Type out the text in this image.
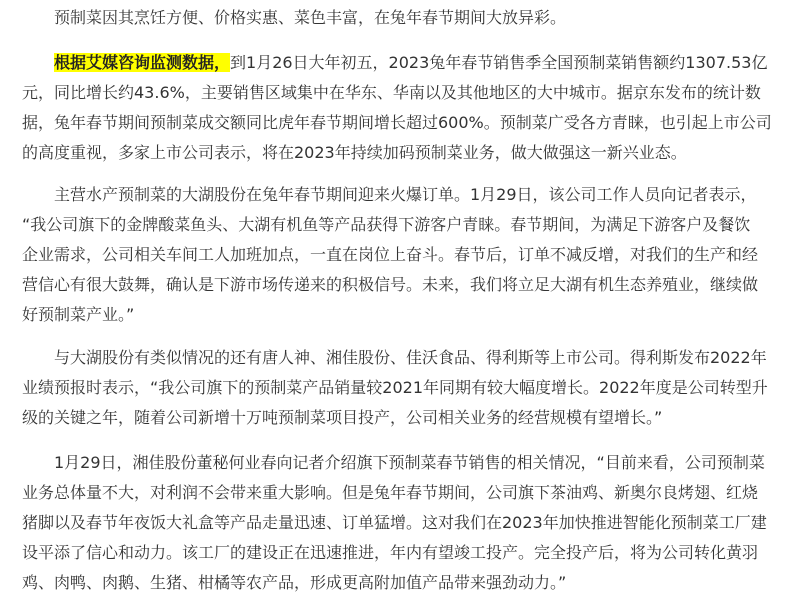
　　预制菜因其烹饪方便、价格实惠、菜色丰富，在兔年春节期间大放异彩。
根据艾媒咨询监测数据，到1月26日大年初五，2023兔年春节销售季全国预制菜销售额约1307.53亿
元，同比增长约43.6%，主要销售区域集中在华东、华南以及其他地区的大中城市。据京东发布的统计数
据，兔年春节期间预制菜成交额同比虎年春节期间增长超过600%。预制菜广受各方青睐，也引起上市公司
的高度重视，多家上市公司表示，将在2023年持续加码预制菜业务，做大做强这一新兴业态。
　　主营水产预制菜的大湖股份在兔年春节期间迎来火爆订单。1月29日，该公司工作人员向记者表示，
“我公司旗下的金牌酸菜鱼头、大湖有机鱼等产品获得下游客户青睐。春节期间，为满足下游客户及餐饮
企业需求，公司相关车间工人加班加点，一直在岗位上奋斗。春节后，订单不减反增，对我们的生产和经
营信心有很大鼓舞，确认是下游市场传递来的积极信号。未来，我们将立足大湖有机生态养殖业，继续做
好预制菜产业。”
　　与大湖股份有类似情况的还有唐人神、湘佳股份、佳沃食品、得利斯等上市公司。得利斯发布2022年
业绩预报时表示，“我公司旗下的预制菜产品销量较2021年同期有较大幅度增长。2022年度是公司转型升
级的关键之年，随着公司新增十万吨预制菜项目投产，公司相关业务的经营规模有望增长。”
　　1月29日，湘佳股份董秘何业春向记者介绍旗下预制菜春节销售的相关情况，“目前来看，公司预制菜
业务总体量不大，对利润不会带来重大影响。但是兔年春节期间，公司旗下茶油鸡、新奥尔良烤翅、红烧
猪脚以及春节年夜饭大礼盒等产品走量迅速、订单猛增。这对我们在2023年加快推进智能化预制菜工厂建
设平添了信心和动力。该工厂的建设正在迅速推进，年内有望竣工投产。完全投产后，将为公司转化黄羽
鸡、肉鸭、肉鹅、生猪、柑橘等农产品，形成更高附加值产品带来强劲动力。”
